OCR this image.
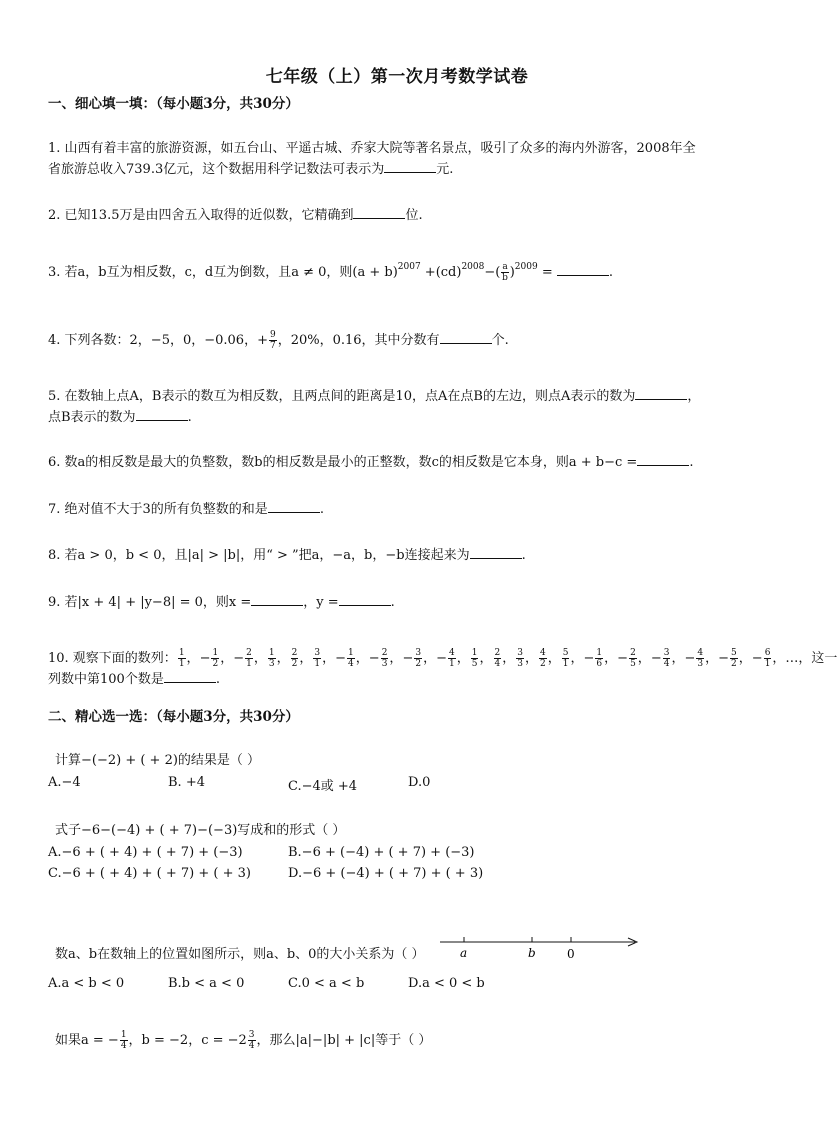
七年级（上）第一次月考数学试卷
一、细心填一填：（每小题3分，共30分）
1. 山西有着丰富的旅游资源，如五台山、平遥古城、乔家大院等著名景点，吸引了众多的海内外游客，2008年全
省旅游总收入739.3亿元，这个数据用科学记数法可表示为	元.
2. 已知13.5万是由四舍五入取得的近似数，它精确到	位.
3. 若a，b互为相反数，c，d互为倒数，且a ≠ 0，则$(a + b)^{2007} +(cd)^{2008}-( \frac{a}{b} )^{2009}$ =	.
4. 下列各数：2，−5，0，−0.06，+ $\frac{9}{7}$ ，20%，0.16，其中分数有	个.
5. 在数轴上点A，B表示的数互为相反数，且两点间的距离是10，点A在点B的左边，则点A表示的数为	，
点B表示的数为	.
6. 数a的相反数是最大的负整数，数b的相反数是最小的正整数，数c的相反数是它本身，则a + b−c =	.
7. 绝对值不大于3的所有负整数的和是	.
8. 若a > 0，b < 0，且|a| > |b|，用“ > ”把a，−a，b，−b连接起来为	.
9. 若|x + 4| + |y−8| = 0，则x =	，y =	.
10. 观察下面的数列： $\frac{1}{1}$ ，− $\frac{1}{2}$ ，− $\frac{2}{1}$ ， $\frac{1}{3}$ ， $\frac{2}{2}$ ， $\frac{3}{1}$ ，− $\frac{1}{4}$ ，− $\frac{2}{3}$ ，− $\frac{3}{2}$ ，− $\frac{4}{1}$ ， $\frac{1}{5}$ ， $\frac{2}{4}$ ， $\frac{3}{3}$ ， $\frac{4}{2}$ ， $\frac{5}{1}$ ，− $\frac{1}{6}$ ，− $\frac{2}{5}$ ，− $\frac{3}{4}$ ，− $\frac{4}{3}$ ，− $\frac{5}{2}$ ，− $\frac{6}{1}$ ，…，这一
列数中第100个数是	.
二、精心选一选：（每小题3分，共30分）
计算−(−2) + ( + 2)的结果是（ ）
A.−4	B. +4	C.−4或 +4	D.0
式子−6−(−4) + ( + 7)−(−3)写成和的形式（ ）
A.−6 + ( + 4) + ( + 7) + (−3)	B.−6 + (−4) + ( + 7) + (−3)
C.−6 + ( + 4) + ( + 7) + ( + 3)	D.−6 + (−4) + ( + 7) + ( + 3)
数a、b在数轴上的位置如图所示，则a、b、0的大小关系为（ ）	a	b	0
A.a < b < 0	B.b < a < 0	C.0 < a < b	D.a < 0 < b
如果a = − $\frac{1}{4}$ ，b = −2，$c = -2 \frac{3}{4}$ ，那么|a|−|b| + |c|等于（ ）
